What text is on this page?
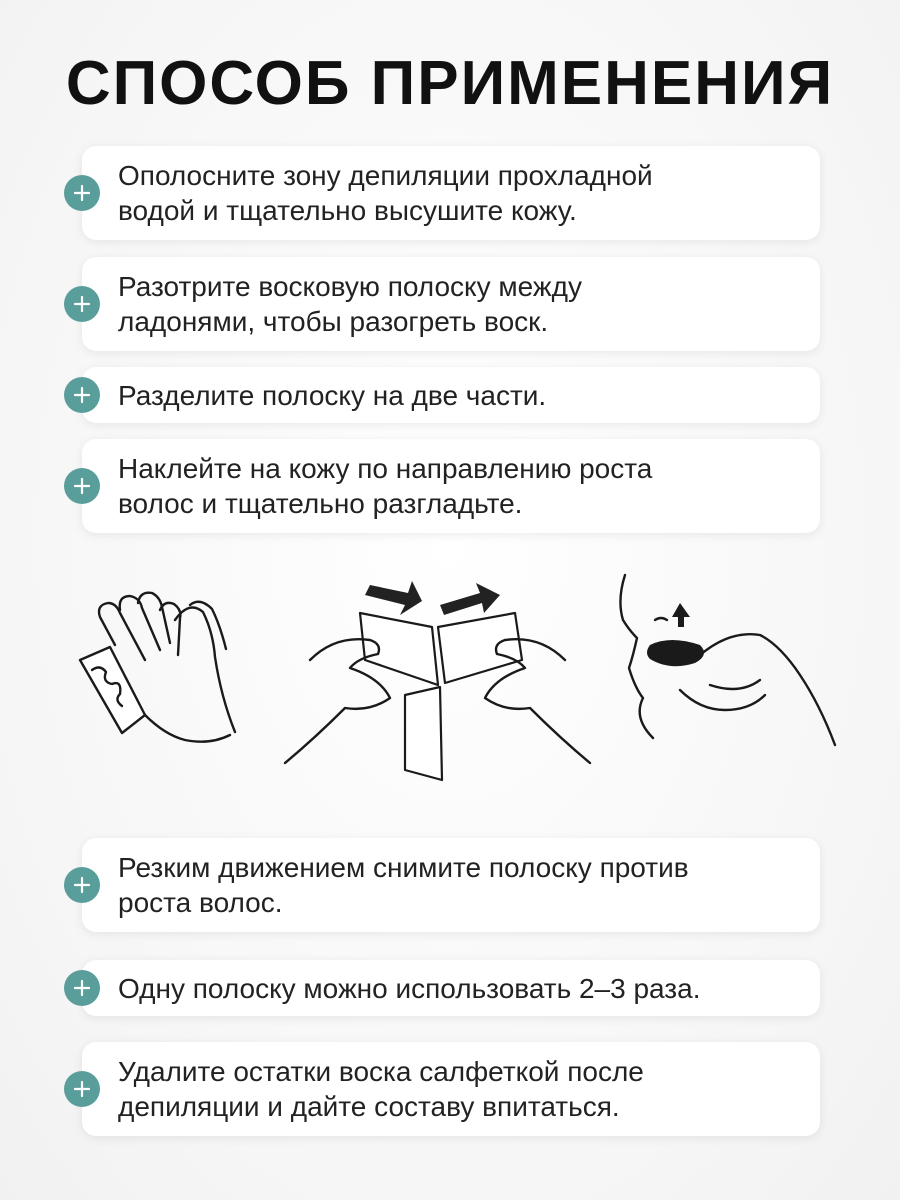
СПОСОБ ПРИМЕНЕНИЯ
Ополосните зону депиляции прохладной
водой и тщательно высушите кожу.
Разотрите восковую полоску между
ладонями, чтобы разогреть воск.
Разделите полоску на две части.
Наклейте на кожу по направлению роста
волос и тщательно разгладьте.
Резким движением снимите полоску против
роста волос.
Одну полоску можно использовать 2–3 раза.
Удалите остатки воска салфеткой после
депиляции и дайте составу впитаться.
